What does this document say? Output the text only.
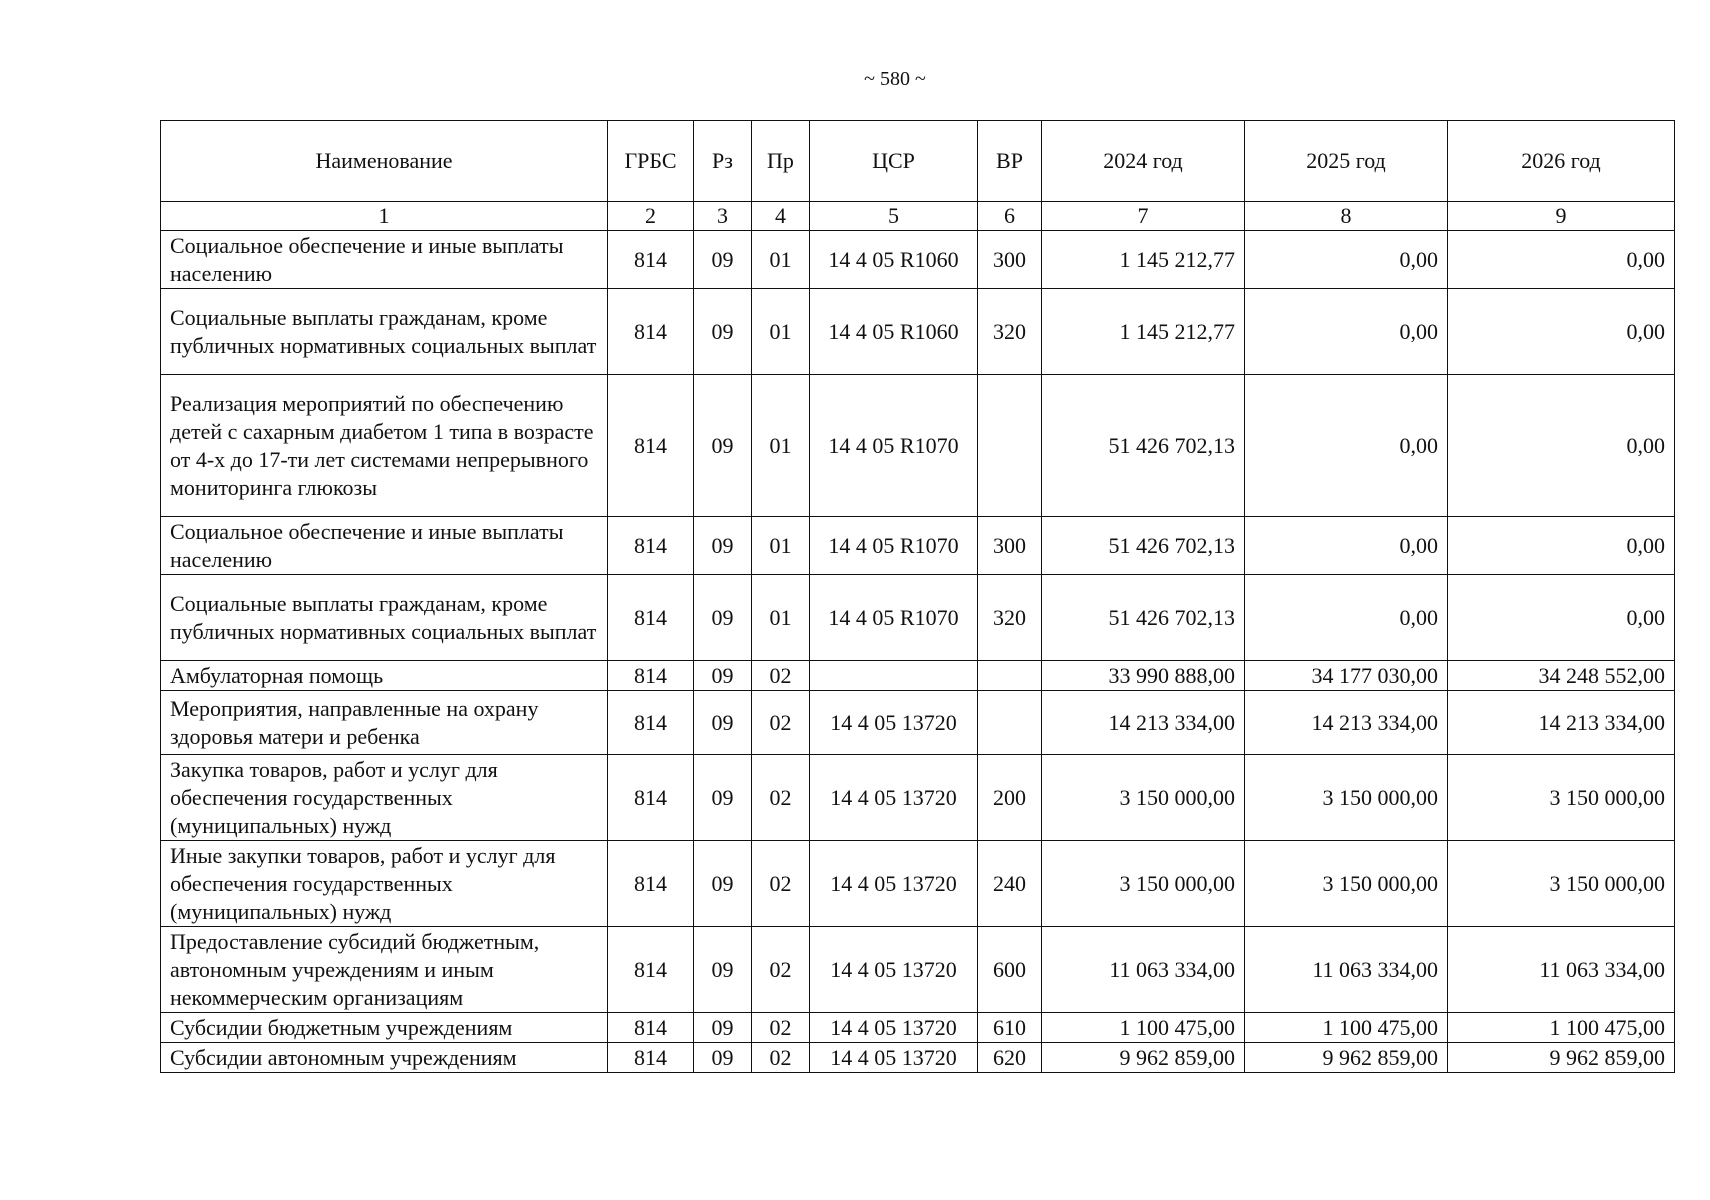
~ 580 ~
Наименование	ГРБС	Рз	Пр	ЦСР	ВР	2024 год	2025 год	2026 год
1	2	3	4	5	6	7	8	9
Социальное обеспечение и иные выплаты населению	814	09	01	14 4 05 R1060	300	1 145 212,77	0,00	0,00
Социальные выплаты гражданам, кроме публичных нормативных социальных выплат	814	09	01	14 4 05 R1060	320	1 145 212,77	0,00	0,00
Реализация мероприятий по обеспечению детей с сахарным диабетом 1 типа в возрасте от 4-х до 17-ти лет системами непрерывного мониторинга глюкозы	814	09	01	14 4 05 R1070		51 426 702,13	0,00	0,00
Социальное обеспечение и иные выплаты населению	814	09	01	14 4 05 R1070	300	51 426 702,13	0,00	0,00
Социальные выплаты гражданам, кроме публичных нормативных социальных выплат	814	09	01	14 4 05 R1070	320	51 426 702,13	0,00	0,00
Амбулаторная помощь	814	09	02			33 990 888,00	34 177 030,00	34 248 552,00
Мероприятия, направленные на охрану здоровья матери и ребенка	814	09	02	14 4 05 13720		14 213 334,00	14 213 334,00	14 213 334,00
Закупка товаров, работ и услуг для обеспечения государственных (муниципальных) нужд	814	09	02	14 4 05 13720	200	3 150 000,00	3 150 000,00	3 150 000,00
Иные закупки товаров, работ и услуг для обеспечения государственных (муниципальных) нужд	814	09	02	14 4 05 13720	240	3 150 000,00	3 150 000,00	3 150 000,00
Предоставление субсидий бюджетным, автономным учреждениям и иным некоммерческим организациям	814	09	02	14 4 05 13720	600	11 063 334,00	11 063 334,00	11 063 334,00
Субсидии бюджетным учреждениям	814	09	02	14 4 05 13720	610	1 100 475,00	1 100 475,00	1 100 475,00
Субсидии автономным учреждениям	814	09	02	14 4 05 13720	620	9 962 859,00	9 962 859,00	9 962 859,00
